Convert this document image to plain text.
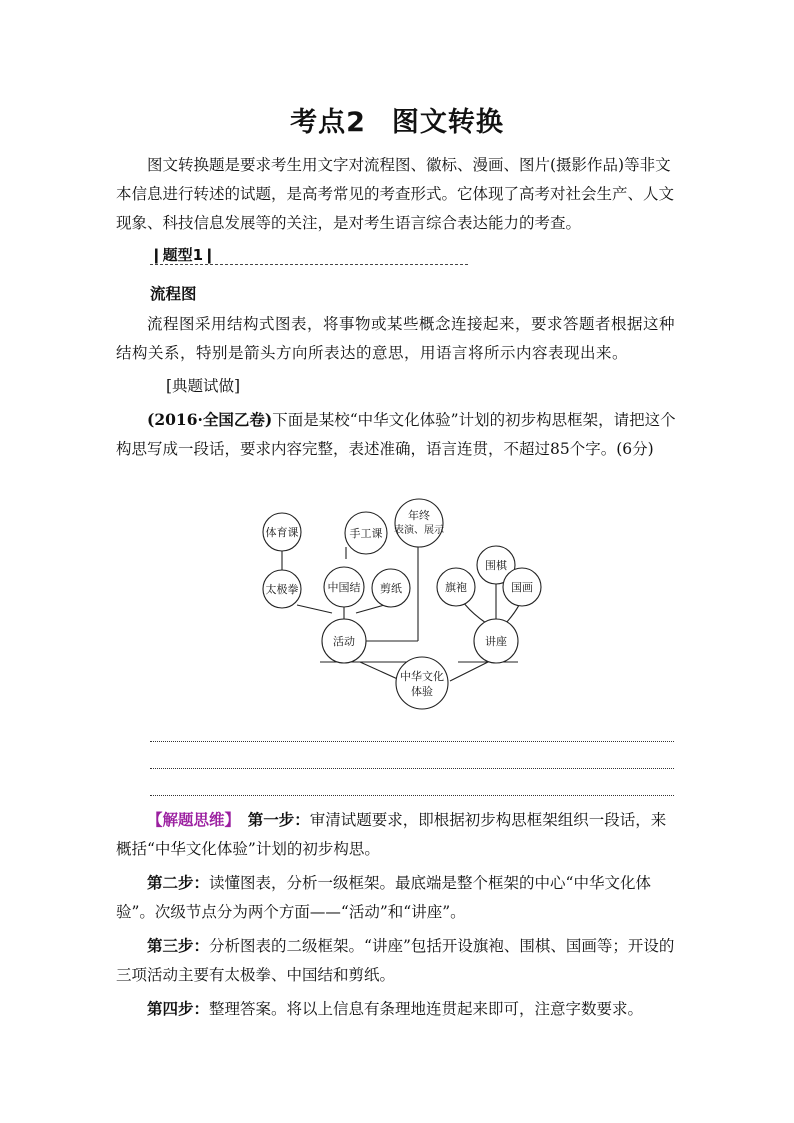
考点2 图文转换
图文转换题是要求考生用文字对流程图、徽标、漫画、图片(摄影作品)等非文本信息进行转述的试题，是高考常见的考查形式。它体现了高考对社会生产、人文现象、科技信息发展等的关注，是对考生语言综合表达能力的考查。
❙题型1❙
流程图
流程图采用结构式图表，将事物或某些概念连接起来，要求答题者根据这种结构关系，特别是箭头方向所表达的意思，用语言将所示内容表现出来。
[典题试做]
(2016·全国乙卷)下面是某校“中华文化体验”计划的初步构思框架，请把这个构思写成一段话，要求内容完整，表述准确，语言连贯，不超过85个字。(6分)
中华文化
体验
活动	讲座
太极拳
体育课
中国结
手工课
剪纸
年终
表演、展示
旗袍
围棋
国画
【解题思维】　 第一步：审清试题要求，即根据初步构思框架组织一段话，来概括“中华文化体验”计划的初步构思。
第二步：读懂图表，分析一级框架。最底端是整个框架的中心“中华文化体验”。次级节点分为两个方面——“活动”和“讲座”。
第三步：分析图表的二级框架。“讲座”包括开设旗袍、围棋、国画等；开设的三项活动主要有太极拳、中国结和剪纸。
第四步：整理答案。将以上信息有条理地连贯起来即可，注意字数要求。
